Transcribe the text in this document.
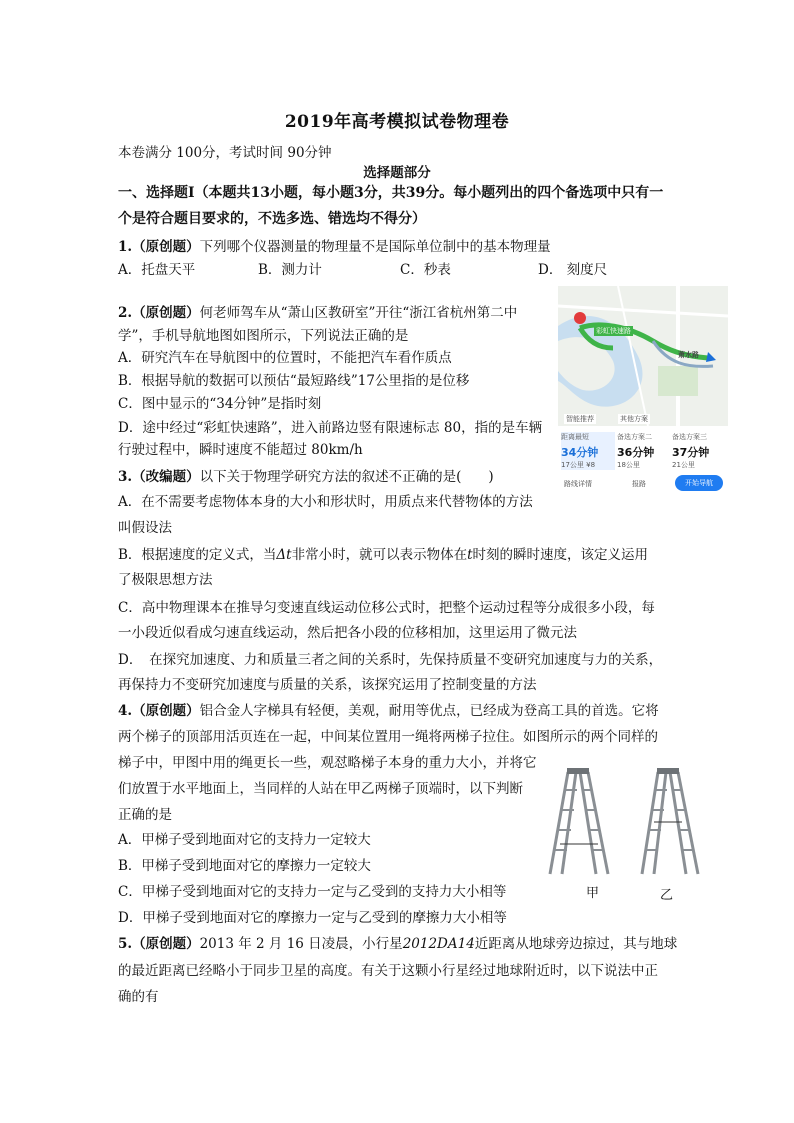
2019年高考模拟试卷物理卷
本卷满分 100分，考试时间 90分钟
选择题部分
一、选择题Ⅰ（本题共13小题，每小题3分，共39分。每小题列出的四个备选项中只有一
个是符合题目要求的，不选多选、错选均不得分）
1.（原创题）下列哪个仪器测量的物理量不是国际单位制中的基本物理量
A．托盘天平	B．测力计	C．秒表	D． 刻度尺
2.（原创题）何老师驾车从“萧山区教研室”开往“浙江省杭州第二中
学”，手机导航地图如图所示，下列说法正确的是
A．研究汽车在导航图中的位置时，不能把汽车看作质点
B．根据导航的数据可以预估“最短路线”17公里指的是位移
C．图中显示的“34分钟”是指时刻
D．途中经过“彩虹快速路”，进入前路边竖有限速标志 80，指的是车辆
行驶过程中，瞬时速度不能超过 80km/h
彩虹快速路
萧水路
智能推荐	其他方案
距离最短
34分钟
17公里 ¥8
备选方案二
36分钟
18公里
备选方案三
37分钟
21公里
路线详情	报路	开始导航
3.（改编题）以下关于物理学研究方法的叙述不正确的是(　　)
A．在不需要考虑物体本身的大小和形状时，用质点来代替物体的方法
叫假设法
B．根据速度的定义式，当Δt非常小时，就可以表示物体在t时刻的瞬时速度，该定义运用
了极限思想方法
C．高中物理课本在推导匀变速直线运动位移公式时，把整个运动过程等分成很多小段，每
一小段近似看成匀速直线运动，然后把各小段的位移相加，这里运用了微元法
D．　在探究加速度、力和质量三者之间的关系时，先保持质量不变研究加速度与力的关系，
再保持力不变研究加速度与质量的关系，该探究运用了控制变量的方法
4.（原创题）铝合金人字梯具有轻便，美观，耐用等优点，已经成为登高工具的首选。它将
两个梯子的顶部用活页连在一起，中间某位置用一绳将两梯子拉住。如图所示的两个同样的
梯子中，甲图中用的绳更长一些，观怼略梯子本身的重力大小，并将它
们放置于水平地面上，当同样的人站在甲乙两梯子顶端时，以下判断
正确的是
A．甲梯子受到地面对它的支持力一定较大
B．甲梯子受到地面对它的摩擦力一定较大
C．甲梯子受到地面对它的支持力一定与乙受到的支持力大小相等
D．甲梯子受到地面对它的摩擦力一定与乙受到的摩擦力大小相等
甲	乙
5.（原创题）2013 年 2 月 16 日凌晨，小行星2012DA14近距离从地球旁边掠过，其与地球
的最近距离已经略小于同步卫星的高度。有关于这颗小行星经过地球附近时，以下说法中正
确的有
